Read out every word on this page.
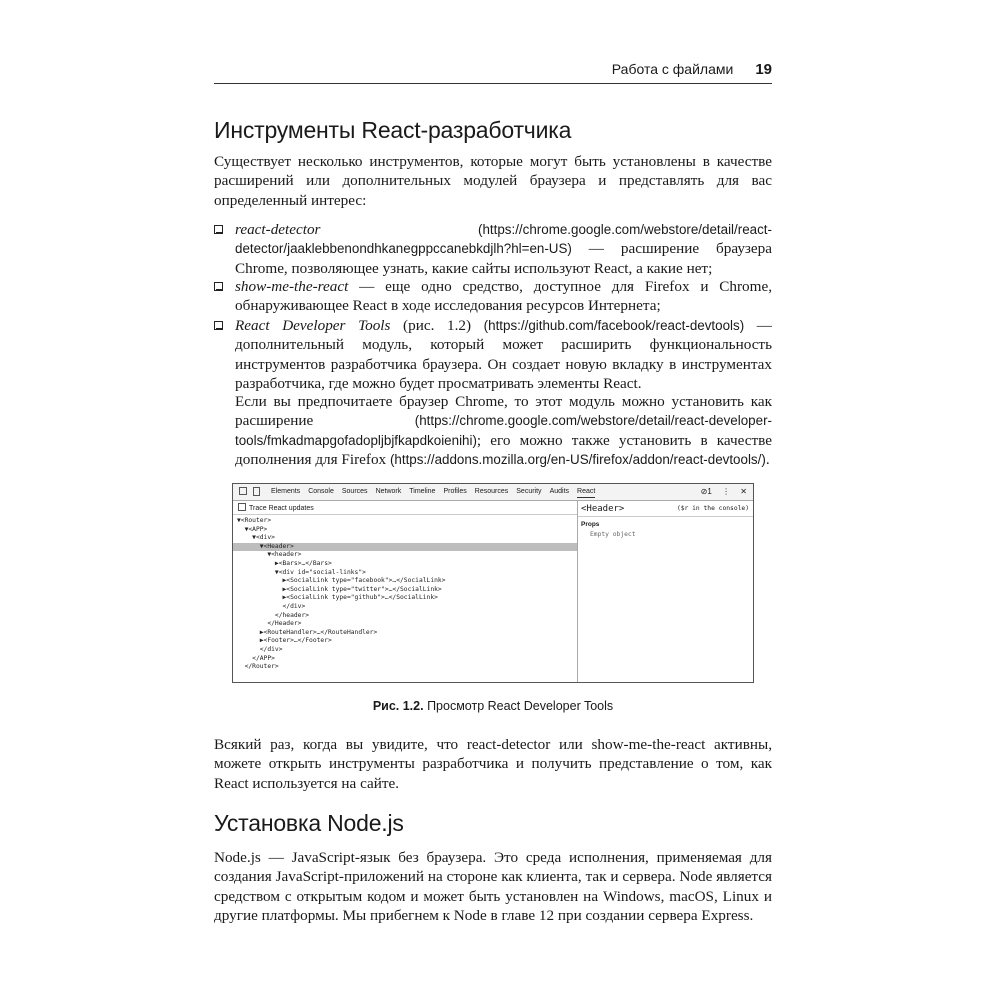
Работа с файлами 19
Инструменты React-разработчика

Существует несколько инструментов, которые могут быть установлены в качестве расширений или дополнительных модулей браузера и представлять для вас определенный интерес:

react-detector	(https://chrome.google.com/webstore/detail/react-detector/jaaklebbenondhkanegppccanebkdjlh?hl=en-US) — расширение браузера Chrome, позволяющее узнать, какие сайты используют React, а какие нет;
show-me-the-react — еще одно средство, доступное для Firefox и Chrome, обнаруживающее React в ходе исследования ресурсов Интернета;
React Developer Tools (рис. 1.2) (https://github.com/facebook/react-devtools) — дополнительный модуль, который может расширить функциональность инструментов разработчика браузера. Он создает новую вкладку в инструментах разработчика, где можно будет просматривать элементы React.
Если вы предпочитаете браузер Chrome, то этот модуль можно установить как расширение (https://chrome.google.com/webstore/detail/react-developer-tools/fmkadmapgofadopljbjfkapdkoienihi); его можно также установить в качестве дополнения для Firefox (https://addons.mozilla.org/en-US/firefox/addon/react-devtools/).
Elements Console Sources Network Timeline Profiles Resources Security Audits React	⊘1 ⋮ ✕
Trace React updates
▼<Router>
▼<APP>
▼<div>
▼<Header>
▼<header>
▶<Bars>…</Bars>
▼<div id="social-links">
▶<SocialLink type="facebook">…</SocialLink>
▶<SocialLink type="twitter">…</SocialLink>
▶<SocialLink type="github">…</SocialLink>
</div>
</header>
</Header>
▶<RouteHandler>…</RouteHandler>
▶<Footer>…</Footer>
</div>
</APP>
</Router>
<Header>	($r in the console)
Props
Empty object
Рис. 1.2. Просмотр React Developer Tools

Всякий раз, когда вы увидите, что react-detector или show-me-the-react активны, можете открыть инструменты разработчика и получить представление о том, как React используется на сайте.

Установка Node.js

Node.js — JavaScript-язык без браузера. Это среда исполнения, применяемая для создания JavaScript-приложений на стороне как клиента, так и сервера. Node является средством с открытым кодом и может быть установлен на Windows, macOS, Linux и другие платформы. Мы прибегнем к Node в главе 12 при создании сервера Express.
